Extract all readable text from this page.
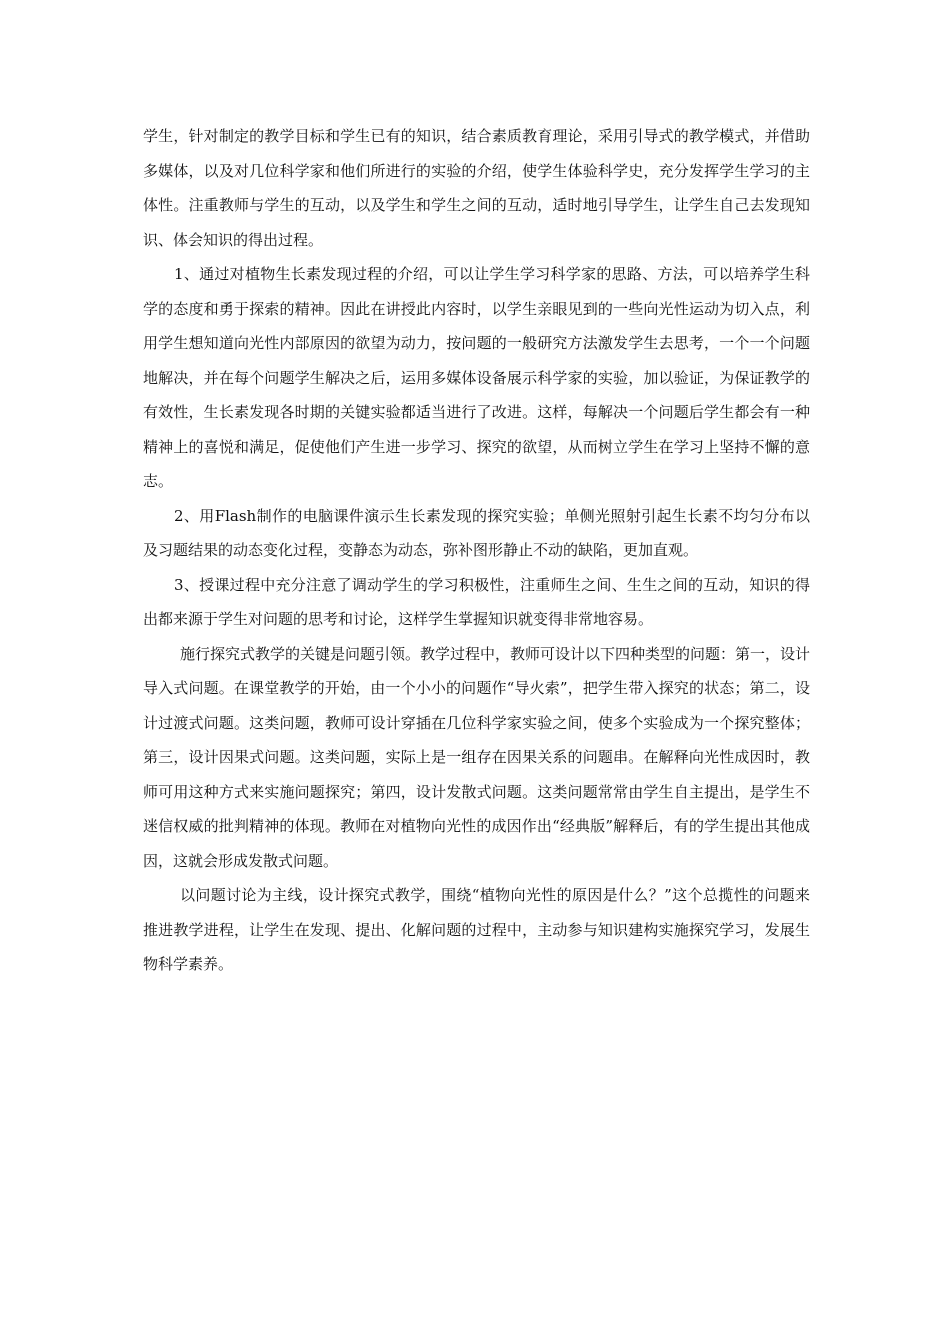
学生，针对制定的教学目标和学生已有的知识，结合素质教育理论，采用引导式的教学模式，并借助多媒体，以及对几位科学家和他们所进行的实验的介绍，使学生体验科学史，充分发挥学生学习的主体性。注重教师与学生的互动，以及学生和学生之间的互动，适时地引导学生，让学生自己去发现知识、体会知识的得出过程。

1、通过对植物生长素发现过程的介绍，可以让学生学习科学家的思路、方法，可以培养学生科学的态度和勇于探索的精神。因此在讲授此内容时，以学生亲眼见到的一些向光性运动为切入点，利用学生想知道向光性内部原因的欲望为动力，按问题的一般研究方法激发学生去思考，一个一个问题地解决，并在每个问题学生解决之后，运用多媒体设备展示科学家的实验，加以验证，为保证教学的有效性，生长素发现各时期的关键实验都适当进行了改进。这样，每解决一个问题后学生都会有一种精神上的喜悦和满足，促使他们产生进一步学习、探究的欲望，从而树立学生在学习上坚持不懈的意志。

2、用Flash制作的电脑课件演示生长素发现的探究实验；单侧光照射引起生长素不均匀分布以及习题结果的动态变化过程，变静态为动态，弥补图形静止不动的缺陷，更加直观。

3、授课过程中充分注意了调动学生的学习积极性，注重师生之间、生生之间的互动，知识的得出都来源于学生对问题的思考和讨论，这样学生掌握知识就变得非常地容易。

施行探究式教学的关键是问题引领。教学过程中，教师可设计以下四种类型的问题：第一，设计导入式问题。在课堂教学的开始，由一个小小的问题作“导火索”，把学生带入探究的状态；第二，设计过渡式问题。这类问题，教师可设计穿插在几位科学家实验之间，使多个实验成为一个探究整体；第三，设计因果式问题。这类问题，实际上是一组存在因果关系的问题串。在解释向光性成因时，教师可用这种方式来实施问题探究；第四，设计发散式问题。这类问题常常由学生自主提出，是学生不迷信权威的批判精神的体现。教师在对植物向光性的成因作出“经典版”解释后，有的学生提出其他成因，这就会形成发散式问题。

以问题讨论为主线，设计探究式教学，围绕“植物向光性的原因是什么？”这个总揽性的问题来推进教学进程，让学生在发现、提出、化解问题的过程中，主动参与知识建构实施探究学习，发展生物科学素养。
